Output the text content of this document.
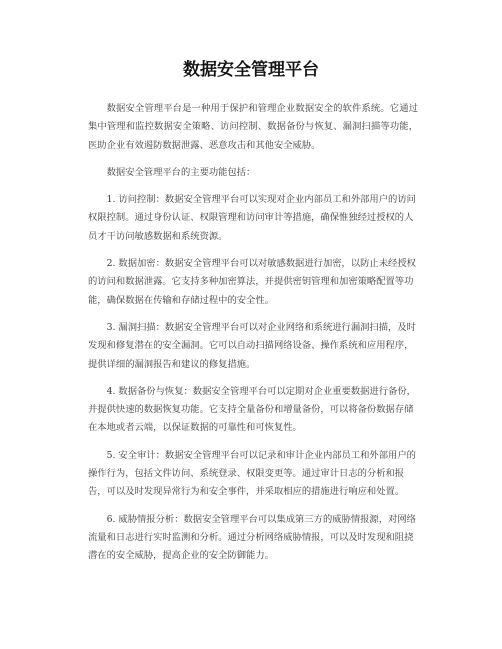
数据安全管理平台

数据安全管理平台是一种用于保护和管理企业数据安全的软件系统。它通过集中管理和监控数据安全策略、访问控制、数据备份与恢复、漏洞扫描等功能，医助企业有效遏防数据泄露、恶意攻击和其他安全威胁。

数据安全管理平台的主要功能包括：

1. 访问控制：数据安全管理平台可以实现对企业内部员工和外部用户的访问权限控制。通过身份认证、权限管理和访问审计等措施，确保惟独经过授权的人员才干访问敏感数据和系统资源。

2. 数据加密：数据安全管理平台可以对敏感数据进行加密，以防止未经授权的访问和数据泄露。它支持多种加密算法，并提供密钥管理和加密策略配置等功能，确保数据在传输和存储过程中的安全性。

3. 漏洞扫描：数据安全管理平台可以对企业网络和系统进行漏洞扫描，及时发现和修复潜在的安全漏洞。它可以自动扫描网络设备、操作系统和应用程序，提供详细的漏洞报告和建议的修复措施。

4. 数据备份与恢复：数据安全管理平台可以定期对企业重要数据进行备份，并提供快速的数据恢复功能。它支持全量备份和增量备份，可以将备份数据存储在本地或者云端，以保证数据的可靠性和可恢复性。

5. 安全审计：数据安全管理平台可以记录和审计企业内部员工和外部用户的操作行为，包括文件访问、系统登录、权限变更等。通过审计日志的分析和报告，可以及时发现异常行为和安全事件，并采取相应的措施进行响应和处置。

6. 威胁情报分析：数据安全管理平台可以集成第三方的威胁情报源，对网络流量和日志进行实时监测和分析。通过分析网络威胁情报，可以及时发现和阻挠潜在的安全威胁，提高企业的安全防御能力。
